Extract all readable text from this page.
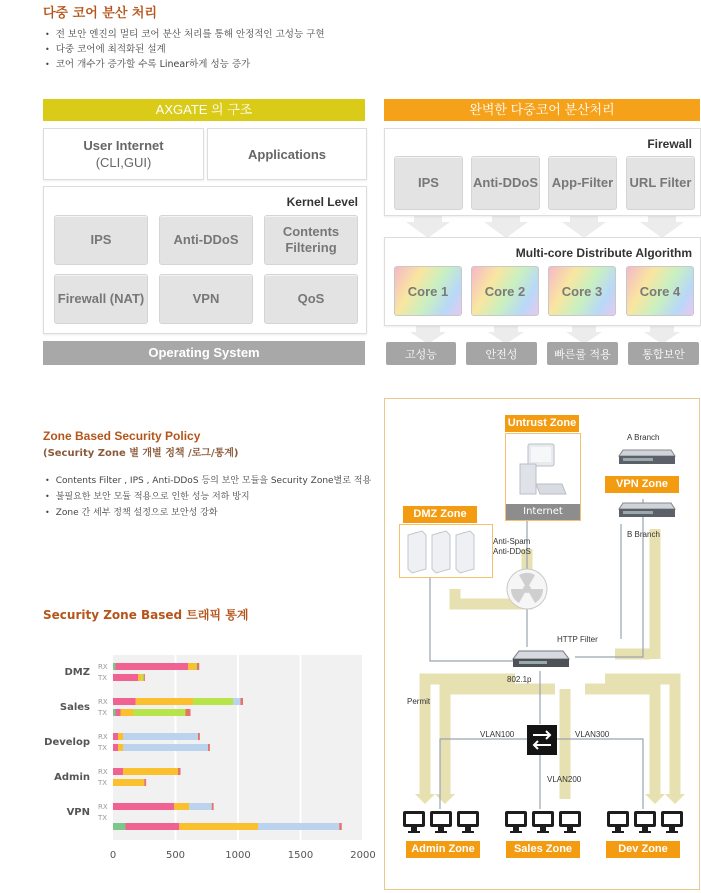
다중 코어 분산 처리
• 전 보안 엔진의 멀티 코어 분산 처리를 통해 안정적인 고성능 구현
• 다중 코어에 최적화된 설계
• 코어 개수가 증가할 수록 Linear하게 성능 증가
AXGATE 의 구조
User Internet
(CLI,GUI)
Applications
Kernel Level
IPS	Anti-DDoS
Contents Filtering
Firewall (NAT)	VPN	QoS
Operating System
완벽한 다중코어 분산처리
Firewall
IPS	Anti-DDoS App-Filter URL Filter
Multi-core Distribute Algorithm
Core 1	Core 2	Core 3	Core 4
고성능	안전성	빠른룰 적용	통합보안
Zone Based Security Policy
(Security Zone 별 개별 정책 /로그/통계)
• Contents Filter , IPS , Anti-DDoS 등의 보안 모듈을 Security Zone별로 적용
• 불필요한 보안 모듈 적용으로 인한 성능 저하 방지
• Zone 간 세부 정책 설정으로 보안성 강화
Security Zone Based 트래픽 통계
0	500	1000	1500	2000
DMZ RX
TX
Sales RX
TX
Develop RX
TX
Admin RX
TX
VPN RX
TX
Untrust Zone
Internet
A Branch
VPN Zone
B Branch
DMZ Zone
Anti-Spam
Anti-DDoS
HTTP Filter
802.1p
Permit
VLAN100	VLAN300
VLAN200
Admin Zone	Sales Zone	Dev Zone
